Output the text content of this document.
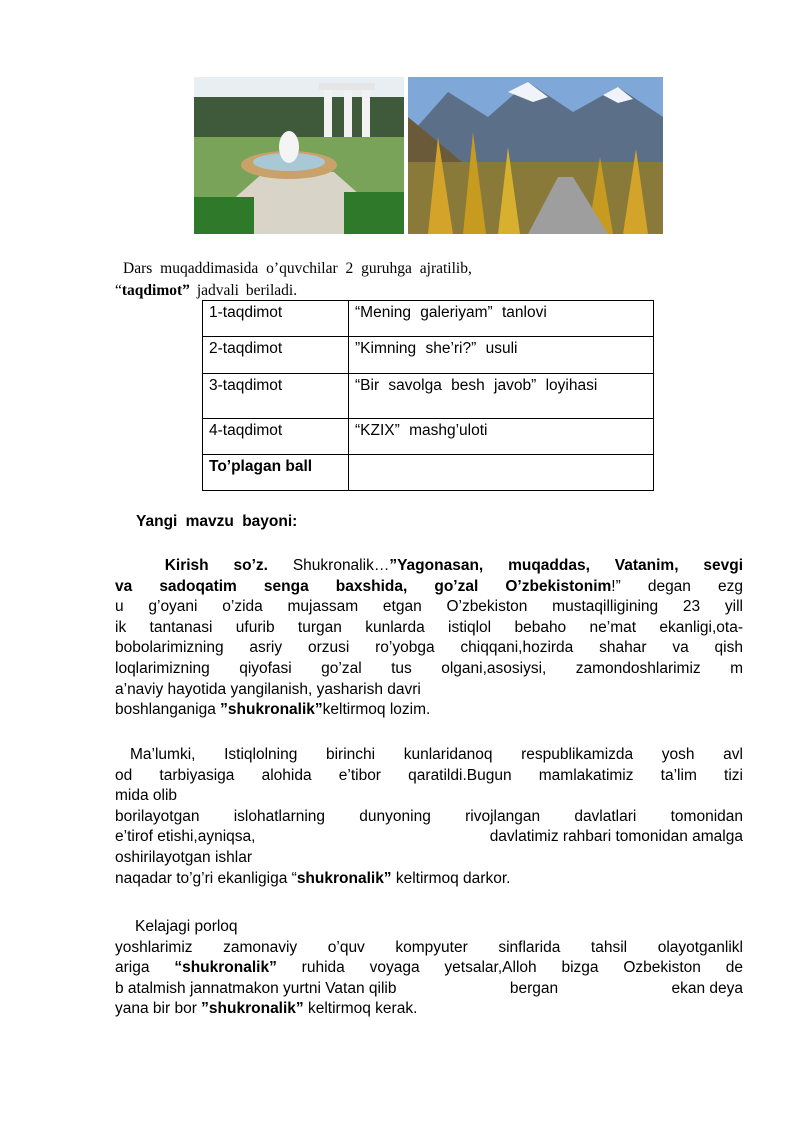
Dars muqaddimasida o’quvchilar 2 guruhga ajratilib,
“taqdimot” jadvali beriladi.
1-taqdimot	“Mening galeriyam” tanlovi
2-taqdimot	”Kimning she’ri?” usuli
3-taqdimot	“Bir savolga besh javob” loyihasi
4-taqdimot	“KZIX” mashg’uloti
To’plagan ball	
Yangi mavzu bayoni:
Kirish so’z. Shukronalik…”Yagonasan, muqaddas, Vatanim, sevgi
va sadoqatim senga baxshida, go’zal O’zbekistonim!” degan ezg
u g’oyani o’zida mujassam etgan O’zbekiston mustaqilligining 23 yill
ik tantanasi ufurib turgan kunlarda istiqlol bebaho ne’mat ekanligi,ota-
bobolarimizning asriy orzusi ro’yobga chiqqani,hozirda shahar va qish
loqlarimizning qiyofasi go’zal tus olgani,asosiysi, zamondoshlarimiz m
a’naviy hayotida yangilanish, yasharish davri
boshlanganiga ”shukronalik”keltirmoq lozim.
Ma’lumki, Istiqlolning birinchi kunlaridanoq respublikamizda yosh avl
od tarbiyasiga alohida e’tibor qaratildi.Bugun mamlakatimiz ta’lim tizi
mida olib
borilayotgan islohatlarning dunyoning rivojlangan davlatlari tomonidan
e’tirof etishi,ayniqsa,	davlatimiz rahbari tomonidan amalga
oshirilayotgan ishlar
naqadar to’g’ri ekanligiga “shukronalik” keltirmoq darkor.
Kelajagi porloq
yoshlarimiz zamonaviy o’quv kompyuter sinflarida tahsil olayotganlikl
ariga “shukronalik” ruhida voyaga yetsalar,Alloh bizga Ozbekiston de
b atalmish jannatmakon yurtni Vatan qilib	bergan	ekan deya
yana bir bor ”shukronalik” keltirmoq kerak.
